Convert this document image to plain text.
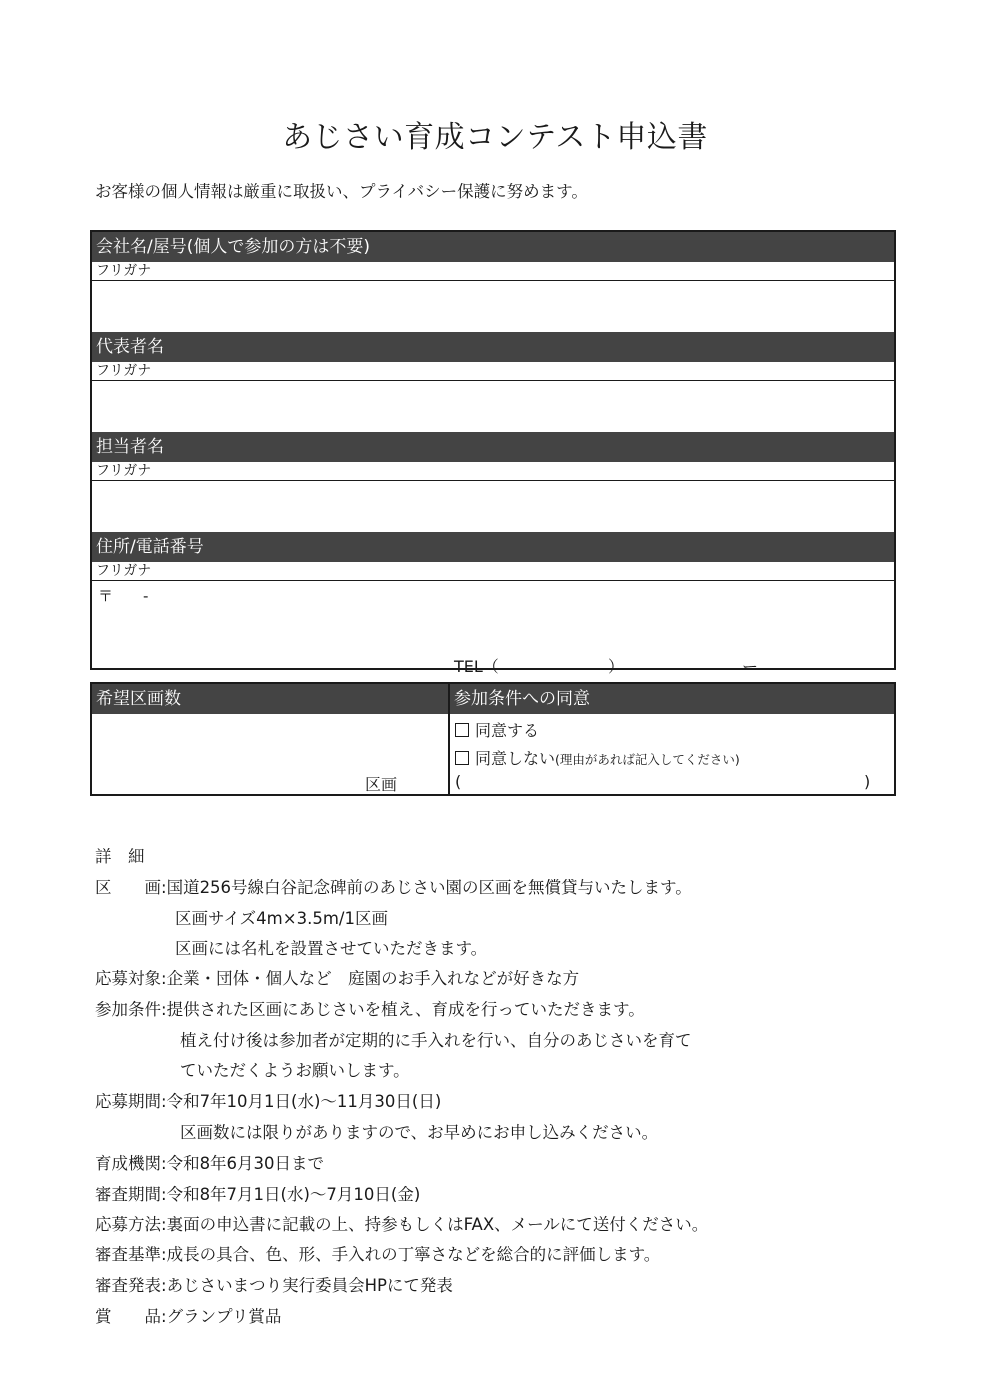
あじさい育成コンテスト申込書
お客様の個人情報は厳重に取扱い、プライバシー保護に努めます。
会社名/屋号(個人で参加の方は不要)
フリガナ
代表者名
フリガナ
担当者名
フリガナ
住所/電話番号
フリガナ
〒　　-
TEL（	）	ー
希望区画数	参加条件への同意
区画
同意する
同意しない(理由があれば記入してください)
(	)
詳　細
区　　画:国道256号線白谷記念碑前のあじさい園の区画を無償貸与いたします。
区画サイズ4m×3.5m/1区画
区画には名札を設置させていただきます。
応募対象:企業・団体・個人など　庭園のお手入れなどが好きな方
参加条件:提供された区画にあじさいを植え、育成を行っていただきます。
植え付け後は参加者が定期的に手入れを行い、自分のあじさいを育て
ていただくようお願いします。
応募期間:令和7年10月1日(水)～11月30日(日)
区画数には限りがありますので、お早めにお申し込みください。
育成機関:令和8年6月30日まで
審査期間:令和8年7月1日(水)～7月10日(金)
応募方法:裏面の申込書に記載の上、持参もしくはFAX、メールにて送付ください。
審査基準:成長の具合、色、形、手入れの丁寧さなどを総合的に評価します。
審査発表:あじさいまつり実行委員会HPにて発表
賞　　品:グランプリ賞品
